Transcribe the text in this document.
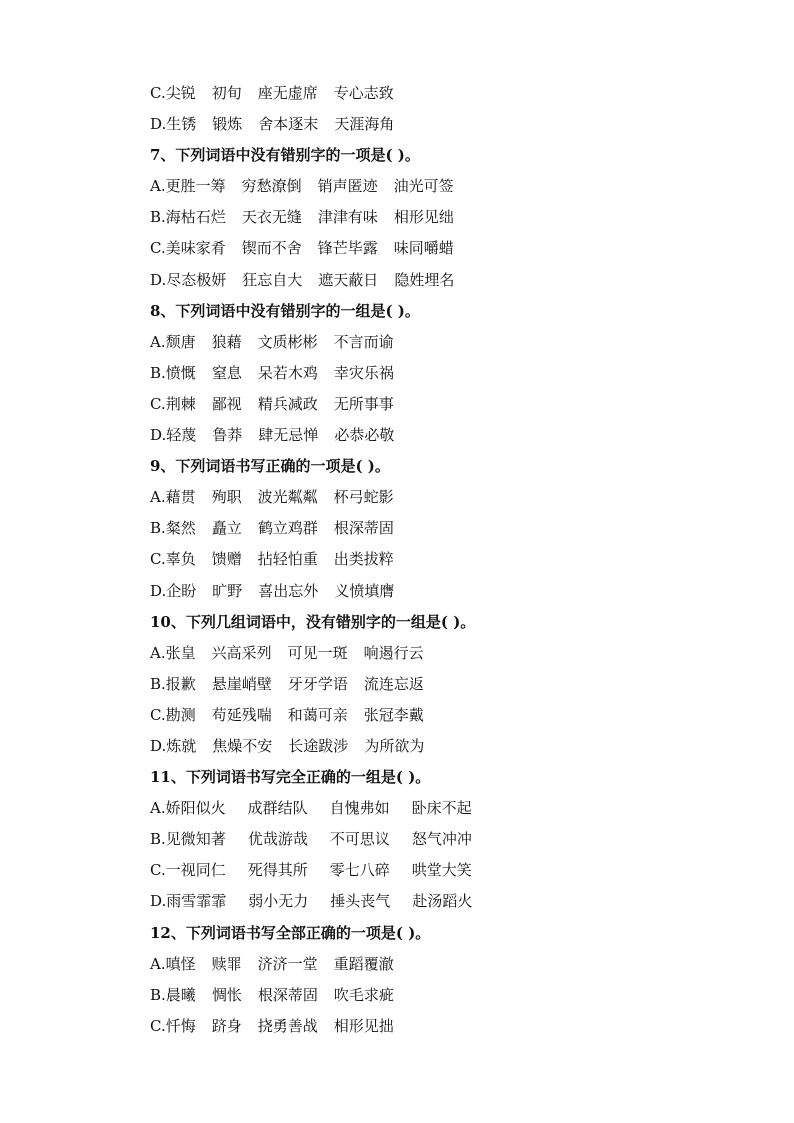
C.尖锐 初旬 座无虚席 专心志致
D.生锈 锻炼 舍本逐末 天涯海角
7、下列词语中没有错别字的一项是( )。
A.更胜一筹 穷愁潦倒 销声匿迹 油光可签
B.海枯石烂 天衣无缝 津津有味 相形见绌
C.美味家肴 锲而不舍 锋芒毕露 味同嚼蜡
D.尽态极妍 狂忘自大 遮天蔽日 隐姓埋名
8、下列词语中没有错别字的一组是( )。
A.颓唐 狼藉 文质彬彬 不言而谕
B.愤慨 窒息 呆若木鸡 幸灾乐祸
C.荆棘 鄙视 精兵减政 无所事事
D.轻蔑 鲁莽 肆无忌惮 必恭必敬
9、下列词语书写正确的一项是( )。
A.藉贯 殉职 波光粼粼 杯弓蛇影
B.粲然 矗立 鹤立鸡群 根深蒂固
C.辜负 馈赠 拈轻怕重 出类拔粹
D.企盼 旷野 喜出忘外 义愤填膺
10、下列几组词语中，没有错别字的一组是( )。
A.张皇 兴高采列 可见一斑 响遏行云
B.报歉 悬崖峭壁 牙牙学语 流连忘返
C.勘测 苟延残喘 和蔼可亲 张冠李戴
D.炼就 焦燥不安 长途跋涉 为所欲为
11、下列词语书写完全正确的一组是( )。
A.娇阳似火 成群结队 自愧弗如 卧床不起
B.见微知著 优哉游哉 不可思议 怒气冲冲
C.一视同仁 死得其所 零七八碎 哄堂大笑
D.雨雪霏霏 弱小无力 捶头丧气 赴汤蹈火
12、下列词语书写全部正确的一项是( )。
A.嗔怪 赎罪 济济一堂 重蹈覆澈
B.晨曦 惆怅 根深蒂固 吹毛求疵
C.忏悔 跻身 挠勇善战 相形见拙
